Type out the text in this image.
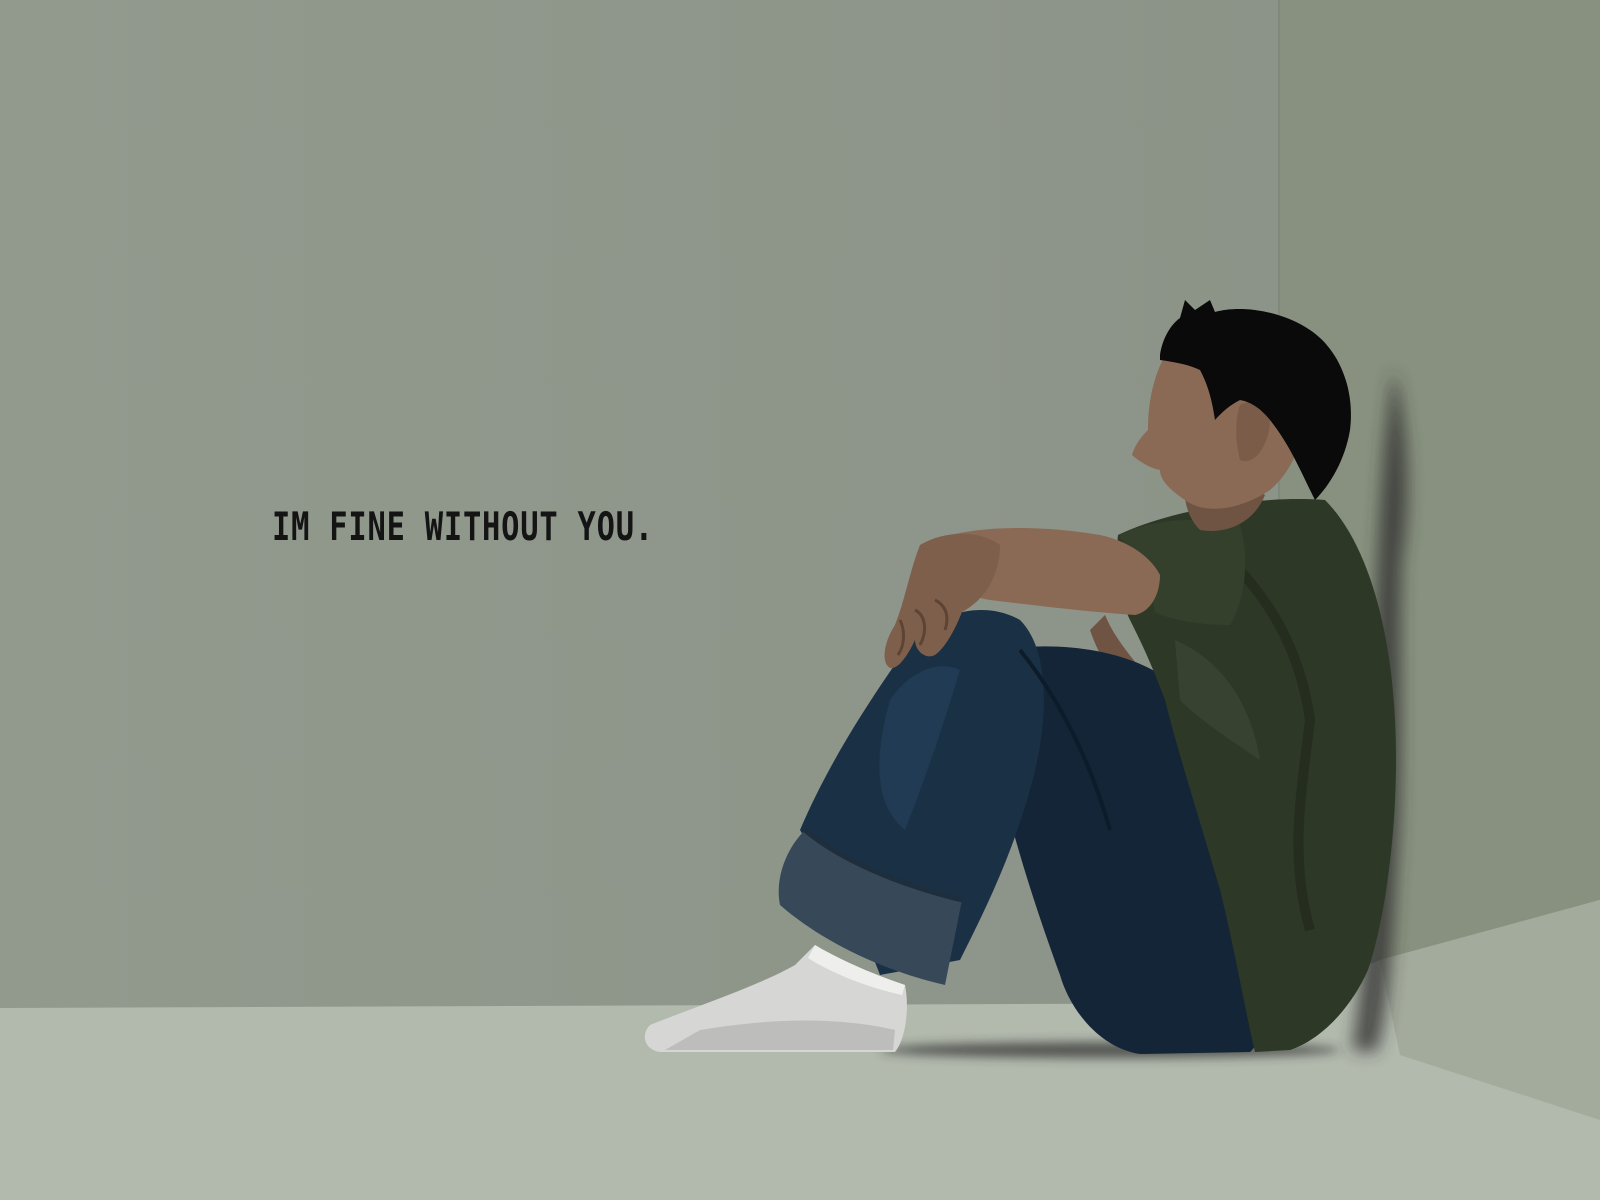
IM FINE WITHOUT YOU.
